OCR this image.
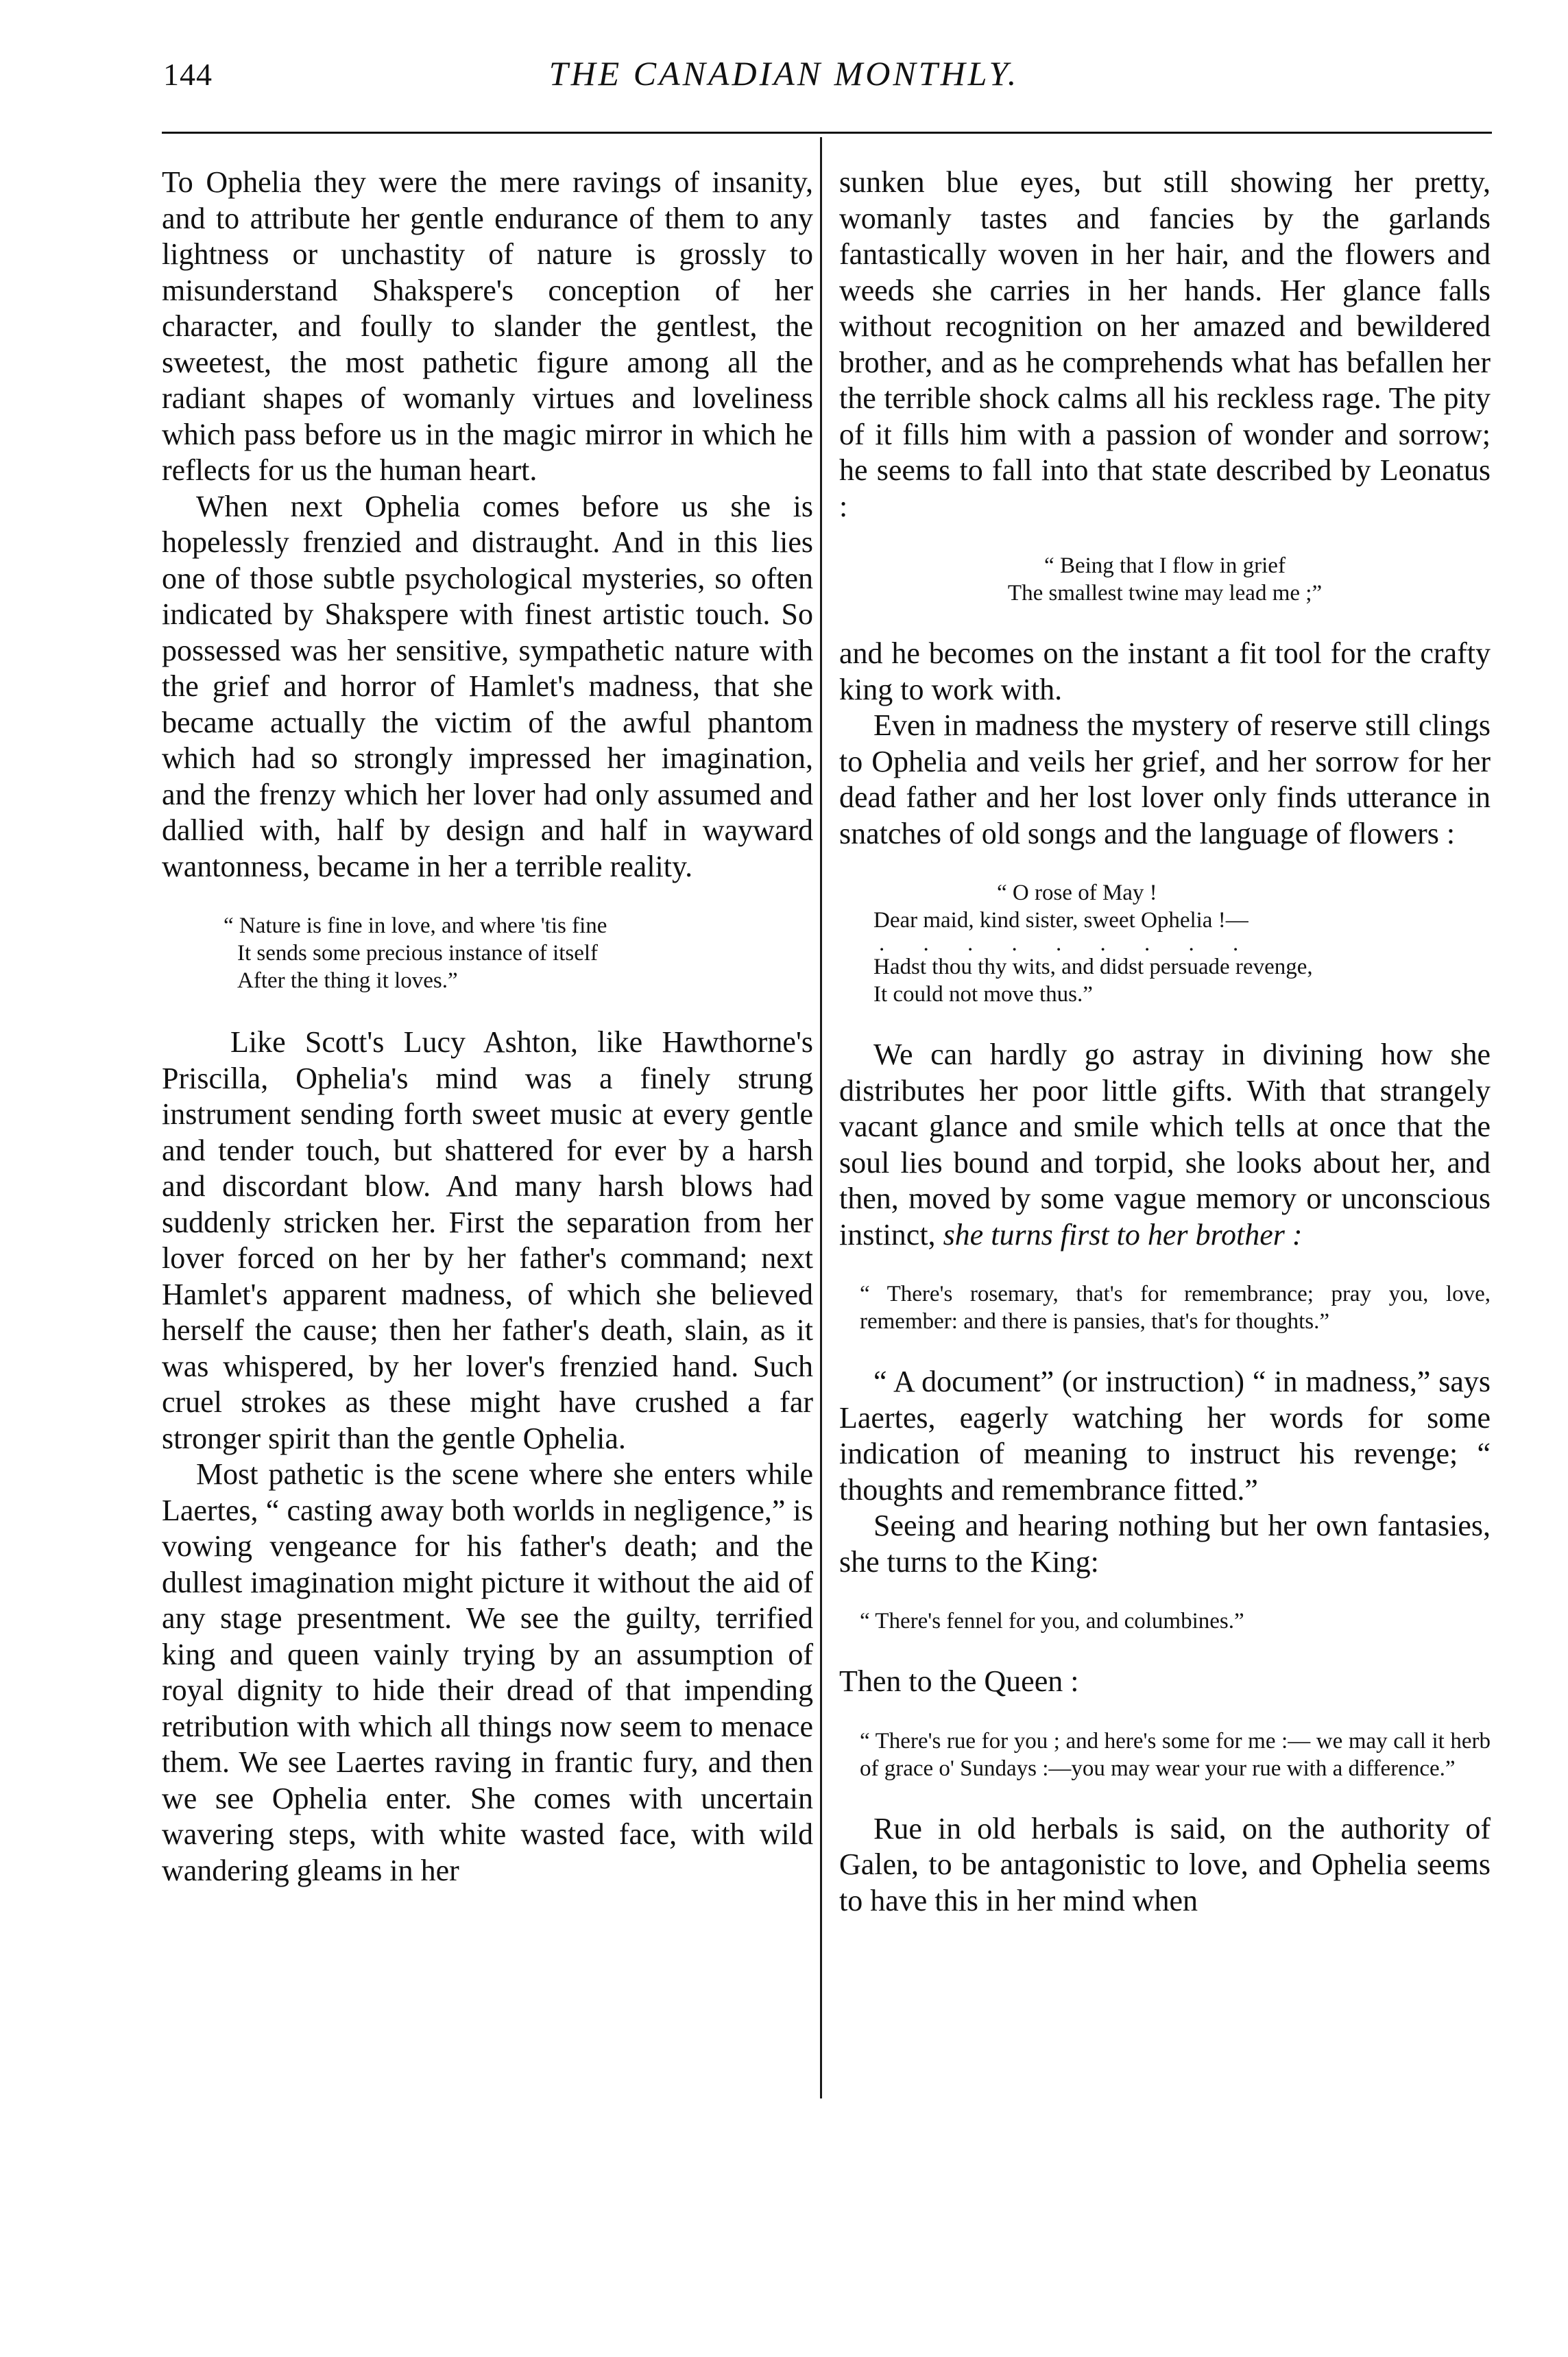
144	THE CANADIAN MONTHLY.

To Ophelia they were the mere ravings of insanity, and to attribute her gentle endurance of them to any lightness or unchastity of nature is grossly to misunderstand Shakspere's conception of her character, and foully to slander the gentlest, the sweetest, the most pathetic figure among all the radiant shapes of womanly virtues and loveliness which pass before us in the magic mirror in which he reflects for us the human heart.

When next Ophelia comes before us she is hopelessly frenzied and distraught. And in this lies one of those subtle psychological mysteries, so often indicated by Shakspere with finest artistic touch. So possessed was her sensitive, sympathetic nature with the grief and horror of Hamlet's madness, that she became actually the victim of the awful phantom which had so strongly impressed her imagination, and the frenzy which her lover had only assumed and dallied with, half by design and half in wayward wantonness, became in her a terrible reality.

“ Nature is fine in love, and where 'tis fine
It sends some precious instance of itself
After the thing it loves.”

Like Scott's Lucy Ashton, like Hawthorne's Priscilla, Ophelia's mind was a finely strung instrument sending forth sweet music at every gentle and tender touch, but shattered for ever by a harsh and discordant blow. And many harsh blows had suddenly stricken her. First the separation from her lover forced on her by her father's command; next Hamlet's apparent madness, of which she believed herself the cause; then her father's death, slain, as it was whispered, by her lover's frenzied hand. Such cruel strokes as these might have crushed a far stronger spirit than the gentle Ophelia.

Most pathetic is the scene where she enters while Laertes, “ casting away both worlds in negligence,” is vowing vengeance for his father's death; and the dullest imagination might picture it without the aid of any stage presentment. We see the guilty, terrified king and queen vainly trying by an assumption of royal dignity to hide their dread of that impending retribution with which all things now seem to menace them. We see Laertes raving in frantic fury, and then we see Ophelia enter. She comes with uncertain wavering steps, with white wasted face, with wild wandering gleams in her

sunken blue eyes, but still showing her pretty, womanly tastes and fancies by the garlands fantastically woven in her hair, and the flowers and weeds she carries in her hands. Her glance falls without recognition on her amazed and bewildered brother, and as he comprehends what has befallen her the terrible shock calms all his reckless rage. The pity of it fills him with a passion of wonder and sorrow; he seems to fall into that state described by Leonatus :

“ Being that I flow in grief
The smallest twine may lead me ;”

and he becomes on the instant a fit tool for the crafty king to work with.

Even in madness the mystery of reserve still clings to Ophelia and veils her grief, and her sorrow for her dead father and her lost lover only finds utterance in snatches of old songs and the language of flowers :

“ O rose of May !
Dear maid, kind sister, sweet Ophelia !—
. . . . . . . . .
Hadst thou thy wits, and didst persuade revenge,
It could not move thus.”

We can hardly go astray in divining how she distributes her poor little gifts. With that strangely vacant glance and smile which tells at once that the soul lies bound and torpid, she looks about her, and then, moved by some vague memory or unconscious instinct, she turns first to her brother :

“ There's rosemary, that's for remembrance; pray you, love, remember: and there is pansies, that's for thoughts.”

“ A document” (or instruction) “ in madness,” says Laertes, eagerly watching her words for some indication of meaning to instruct his revenge; “ thoughts and remembrance fitted.”

Seeing and hearing nothing but her own fantasies, she turns to the King:

“ There's fennel for you, and columbines.”

Then to the Queen :

“ There's rue for you ; and here's some for me :— we may call it herb of grace o' Sundays :—you may wear your rue with a difference.”

Rue in old herbals is said, on the authority of Galen, to be antagonistic to love, and Ophelia seems to have this in her mind when
